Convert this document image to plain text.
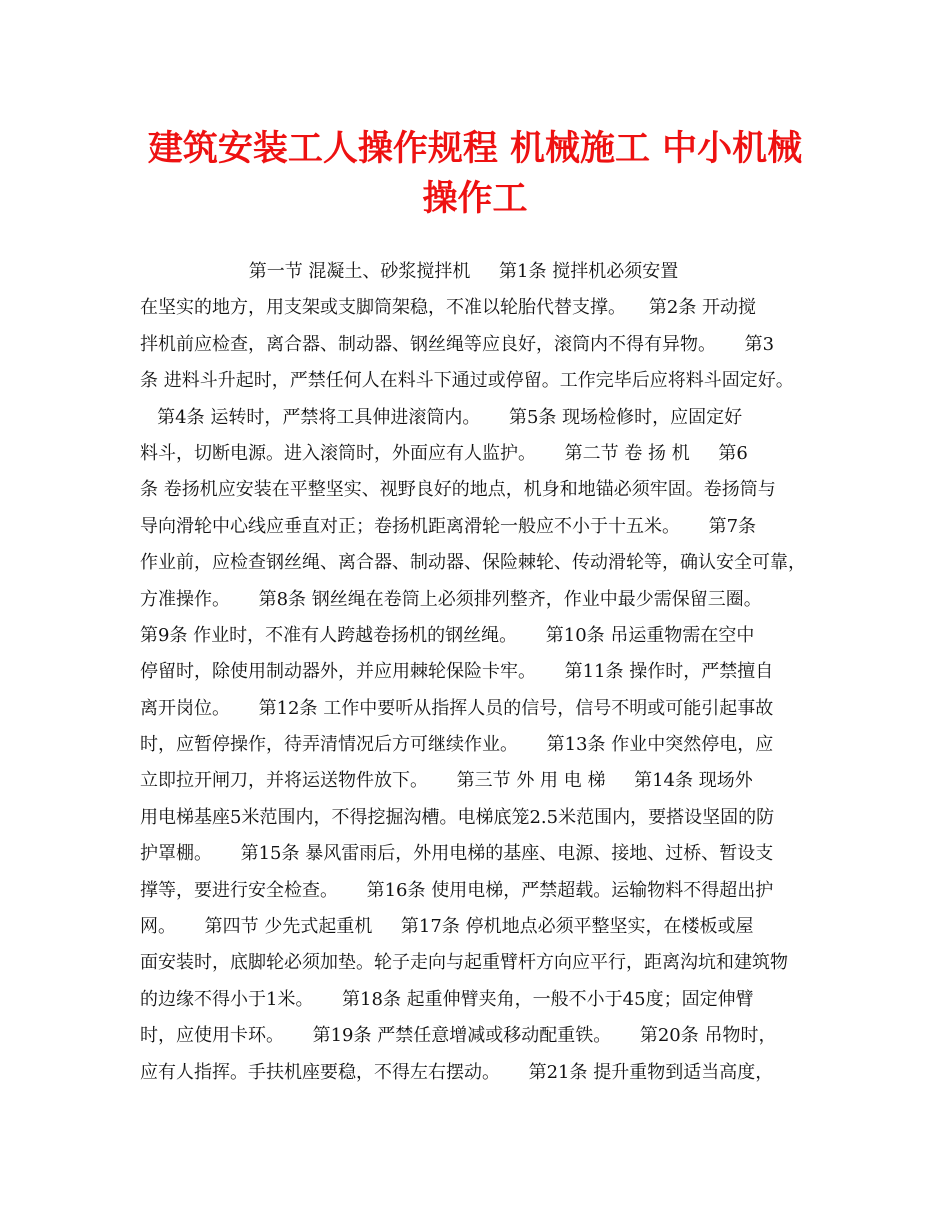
建筑安装工人操作规程 机械施工 中小机械
操作工
第一节 混凝土、砂浆搅拌机     第1条 搅拌机必须安置
在坚实的地方，用支架或支脚筒架稳，不准以轮胎代替支撑。    第2条 开动搅
拌机前应检查，离合器、制动器、钢丝绳等应良好，滚筒内不得有异物。     第3
条 进料斗升起时，严禁任何人在料斗下通过或停留。工作完毕后应将料斗固定好。
第4条 运转时，严禁将工具伸进滚筒内。     第5条 现场检修时，应固定好
料斗，切断电源。进入滚筒时，外面应有人监护。     第二节 卷 扬 机     第6
条 卷扬机应安装在平整坚实、视野良好的地点，机身和地锚必须牢固。卷扬筒与
导向滑轮中心线应垂直对正；卷扬机距离滑轮一般应不小于十五米。     第7条
作业前，应检查钢丝绳、离合器、制动器、保险棘轮、传动滑轮等，确认安全可靠，
方准操作。     第8条 钢丝绳在卷筒上必须排列整齐，作业中最少需保留三圈。
第9条 作业时，不准有人跨越卷扬机的钢丝绳。     第10条 吊运重物需在空中
停留时，除使用制动器外，并应用棘轮保险卡牢。     第11条 操作时，严禁擅自
离开岗位。     第12条 工作中要听从指挥人员的信号，信号不明或可能引起事故
时，应暂停操作，待弄清情况后方可继续作业。     第13条 作业中突然停电，应
立即拉开闸刀，并将运送物件放下。     第三节 外 用 电 梯     第14条 现场外
用电梯基座5米范围内，不得挖掘沟槽。电梯底笼2.5米范围内，要搭设坚固的防
护罩棚。     第15条 暴风雷雨后，外用电梯的基座、电源、接地、过桥、暂设支
撑等，要进行安全检查。     第16条 使用电梯，严禁超载。运输物料不得超出护
网。     第四节 少先式起重机     第17条 停机地点必须平整坚实，在楼板或屋
面安装时，底脚轮必须加垫。轮子走向与起重臂杆方向应平行，距离沟坑和建筑物
的边缘不得小于1米。     第18条 起重伸臂夹角，一般不小于45度；固定伸臂
时，应使用卡环。     第19条 严禁任意增减或移动配重铁。     第20条 吊物时，
应有人指挥。手扶机座要稳，不得左右摆动。     第21条 提升重物到适当高度，
